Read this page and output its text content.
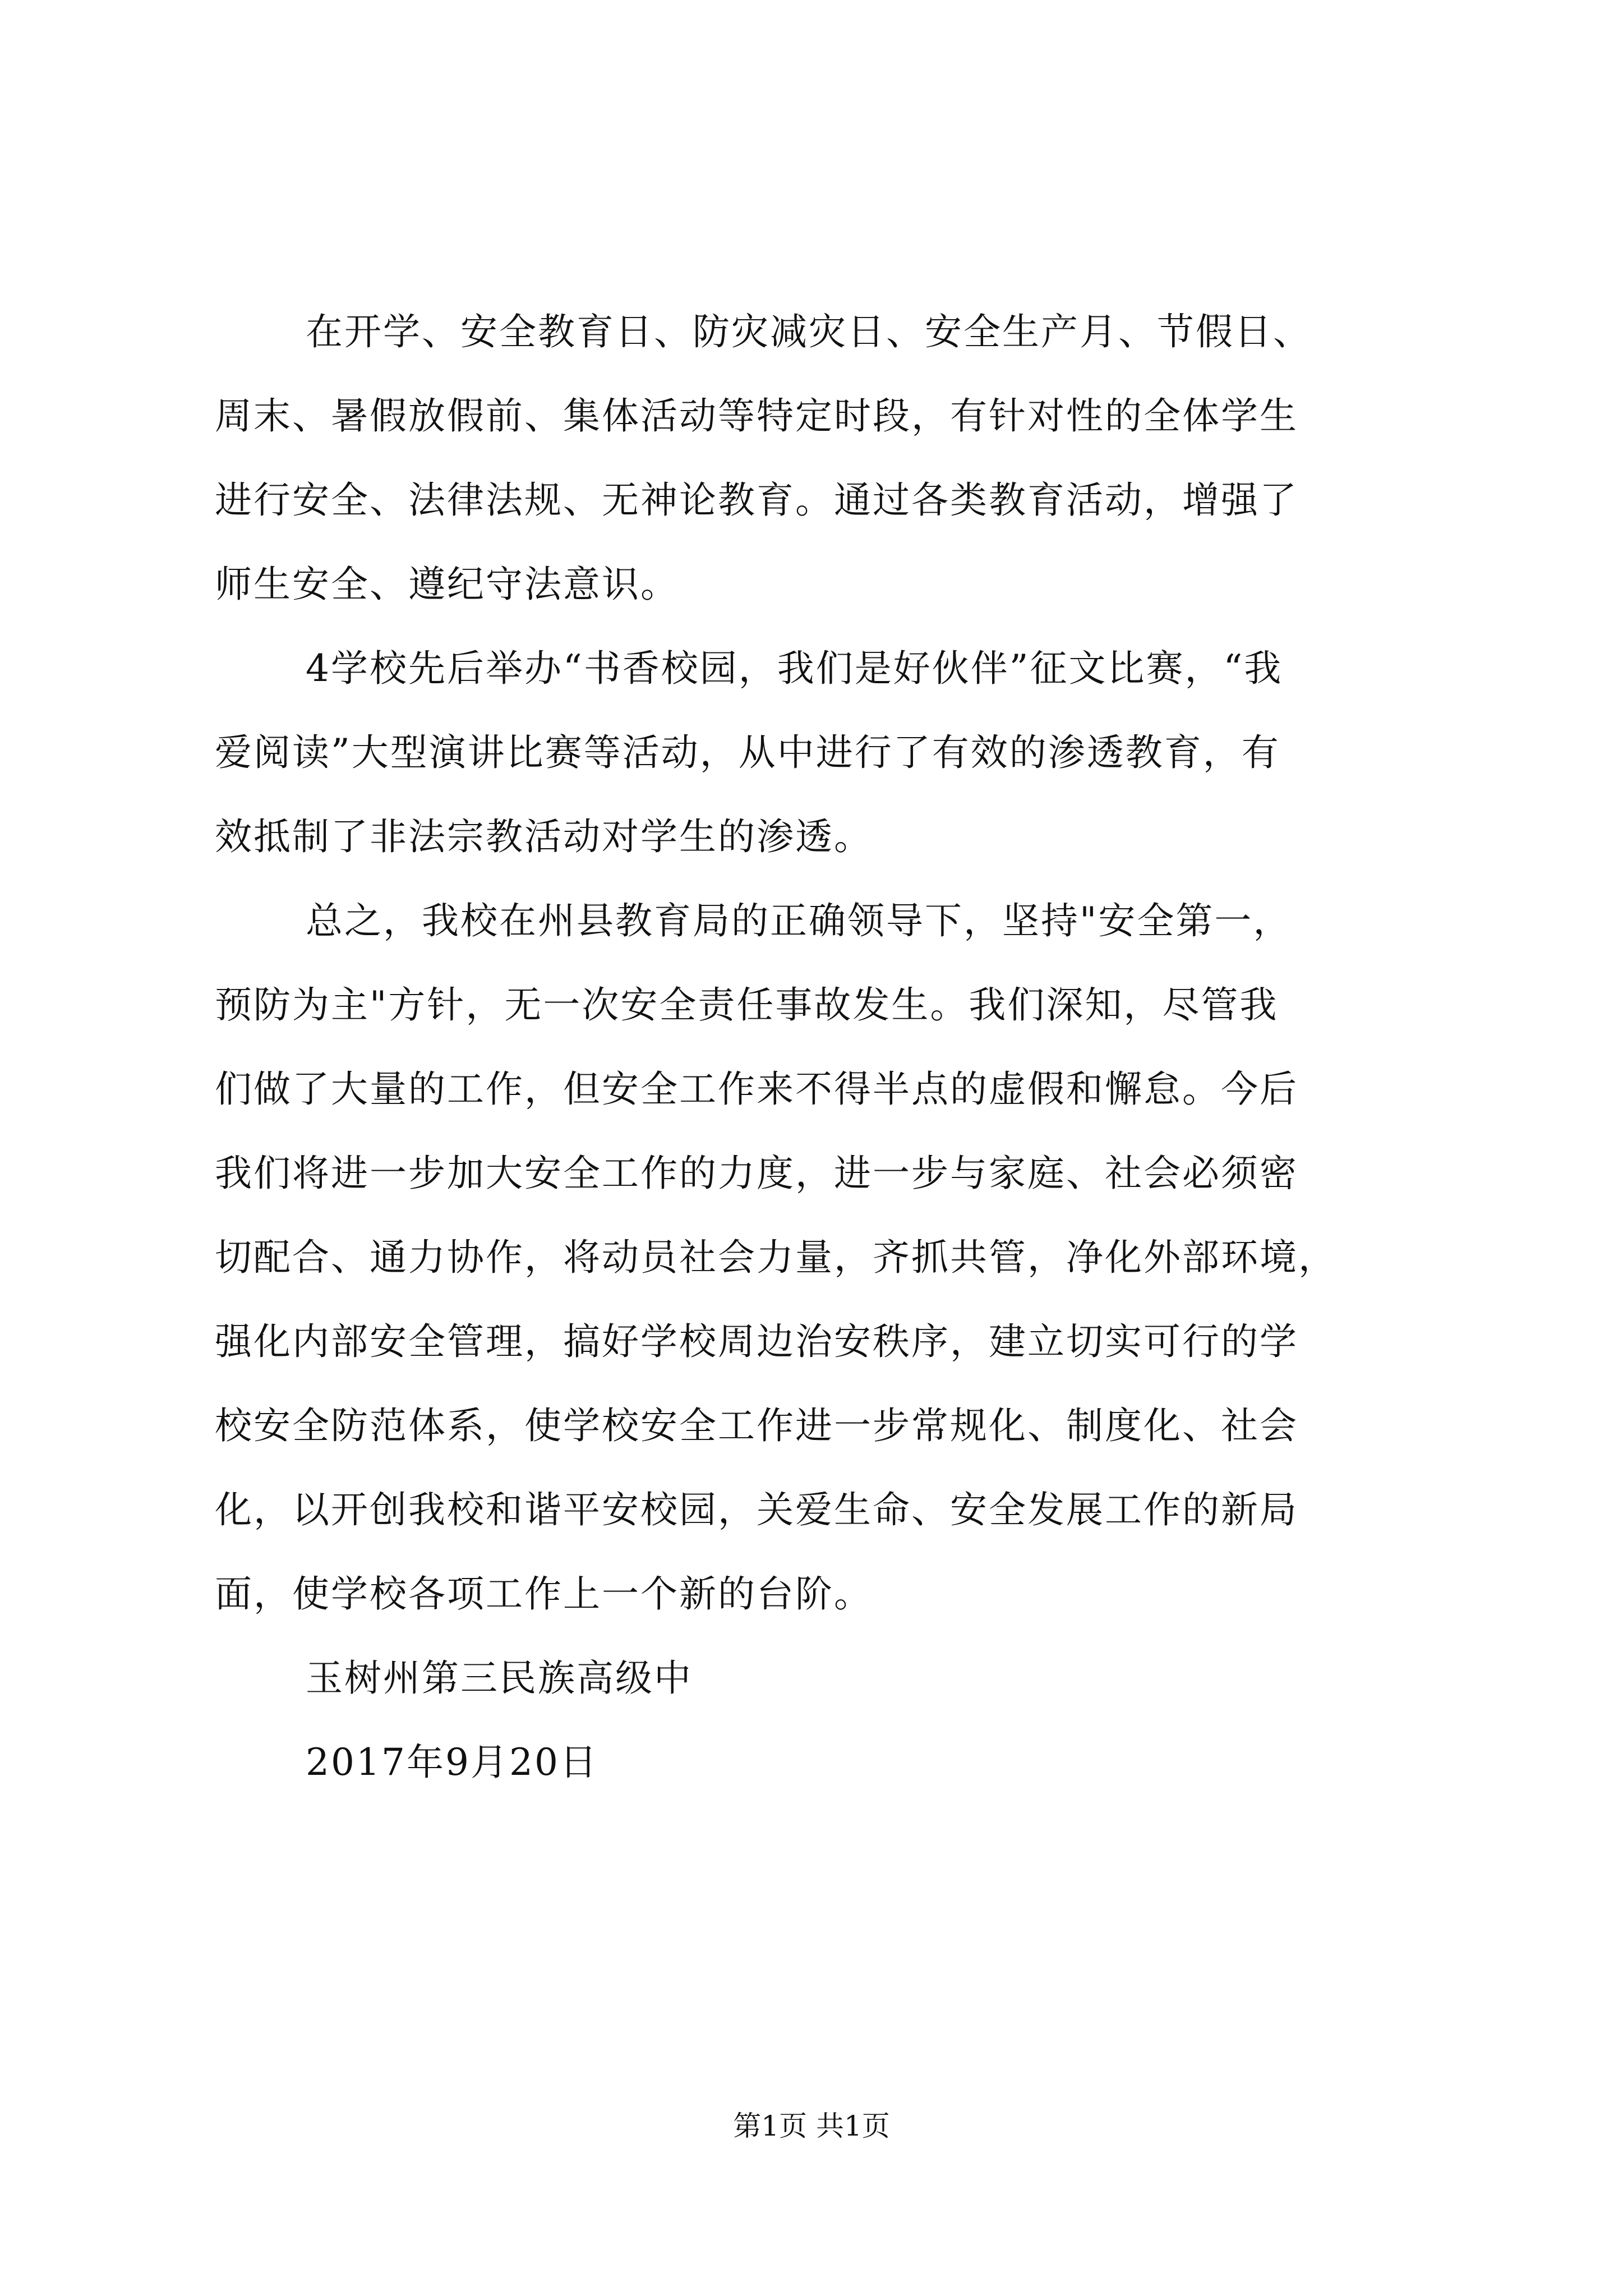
在开学、安全教育日、防灾减灾日、安全生产月、节假日、
周末、暑假放假前、集体活动等特定时段，有针对性的全体学生
进行安全、法律法规、无神论教育。通过各类教育活动，增强了
师生安全、遵纪守法意识。
4学校先后举办“书香校园，我们是好伙伴”征文比赛，“我
爱阅读”大型演讲比赛等活动，从中进行了有效的渗透教育，有
效抵制了非法宗教活动对学生的渗透。
总之，我校在州县教育局的正确领导下，坚持"安全第一，
预防为主"方针，无一次安全责任事故发生。我们深知，尽管我
们做了大量的工作，但安全工作来不得半点的虚假和懈怠。今后
我们将进一步加大安全工作的力度，进一步与家庭、社会必须密
切配合、通力协作，将动员社会力量，齐抓共管，净化外部环境，
强化内部安全管理，搞好学校周边治安秩序，建立切实可行的学
校安全防范体系，使学校安全工作进一步常规化、制度化、社会
化，以开创我校和谐平安校园，关爱生命、安全发展工作的新局
面，使学校各项工作上一个新的台阶。
玉树州第三民族高级中
2017年9月20日
第1页 共1页
